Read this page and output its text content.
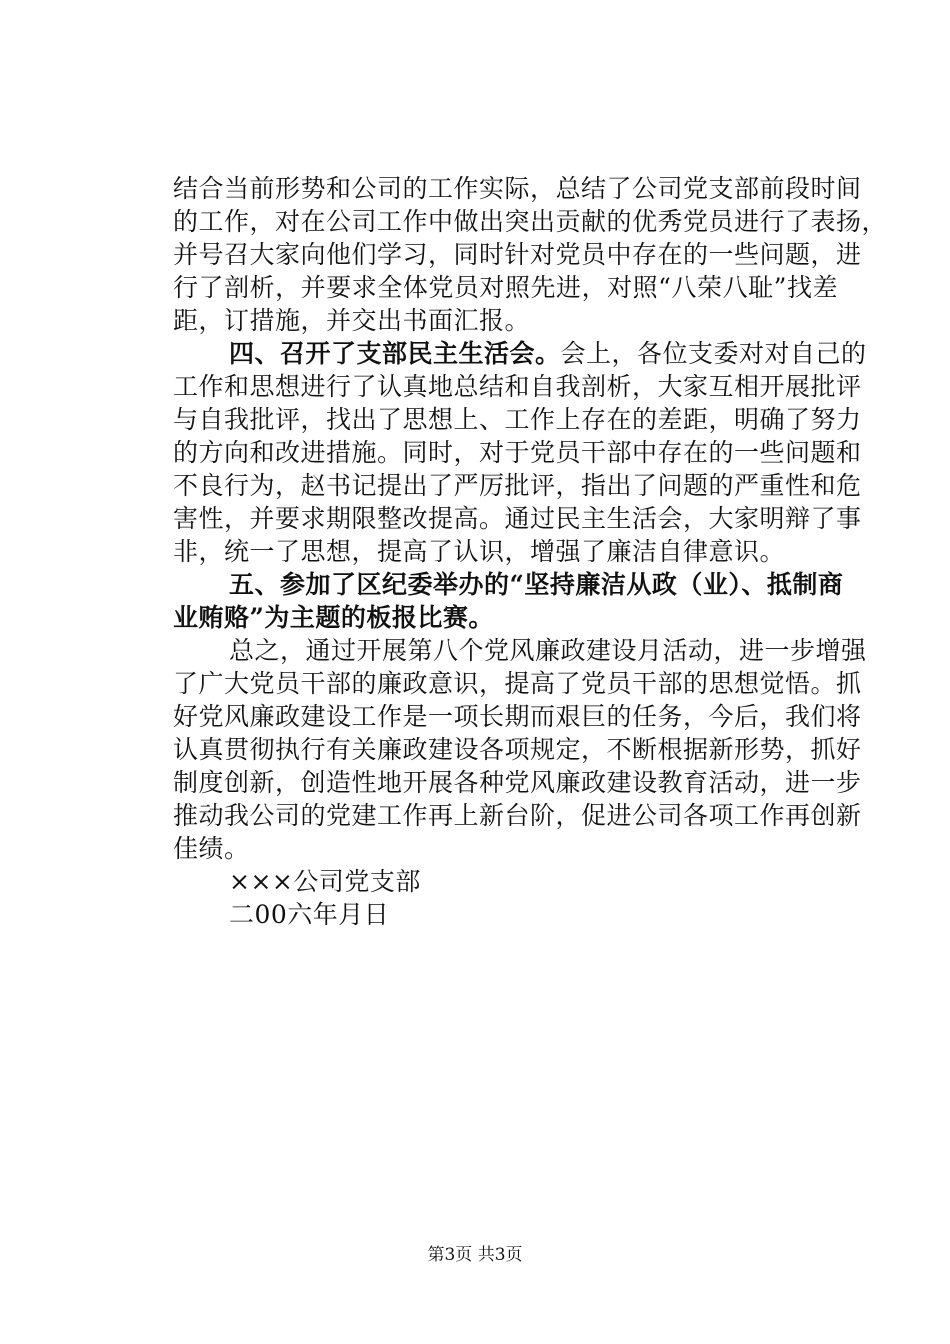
结合当前形势和公司的工作实际，总结了公司党支部前段时间
的工作，对在公司工作中做出突出贡献的优秀党员进行了表扬，
并号召大家向他们学习，同时针对党员中存在的一些问题，进
行了剖析，并要求全体党员对照先进，对照“八荣八耻”找差
距，订措施，并交出书面汇报。
四、召开了支部民主生活会。会上，各位支委对对自己的
工作和思想进行了认真地总结和自我剖析，大家互相开展批评
与自我批评，找出了思想上、工作上存在的差距，明确了努力
的方向和改进措施。同时，对于党员干部中存在的一些问题和
不良行为，赵书记提出了严厉批评，指出了问题的严重性和危
害性，并要求期限整改提高。通过民主生活会，大家明辩了事
非，统一了思想，提高了认识，增强了廉洁自律意识。
五、参加了区纪委举办的“坚持廉洁从政（业）、抵制商
业贿赂”为主题的板报比赛。
总之，通过开展第八个党风廉政建设月活动，进一步增强
了广大党员干部的廉政意识，提高了党员干部的思想觉悟。抓
好党风廉政建设工作是一项长期而艰巨的任务，今后，我们将
认真贯彻执行有关廉政建设各项规定，不断根据新形势，抓好
制度创新，创造性地开展各种党风廉政建设教育活动，进一步
推动我公司的党建工作再上新台阶，促进公司各项工作再创新
佳绩。
×××公司党支部
二00六年月日
第3页 共3页
